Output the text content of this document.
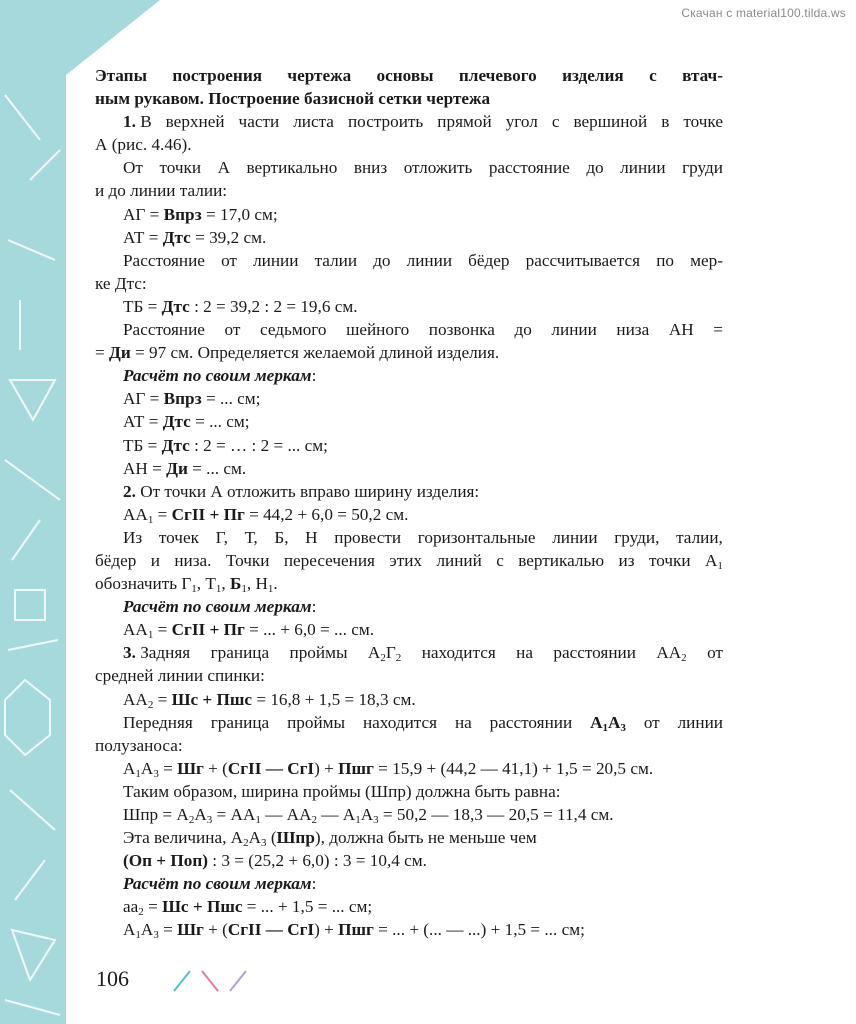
Скачан с material100.tilda.ws
Этапы построения чертежа основы плечевого изделия с втач-
ным рукавом. Построение базисной сетки чертежа
1. В верхней части листа построить прямой угол с вершиной в точке
А (рис. 4.46).
От точки А вертикально вниз отложить расстояние до линии груди
и до линии талии:
АГ = Впрз = 17,0 см;
АТ = Дтс = 39,2 см.
Расстояние от линии талии до линии бёдер рассчитывается по мер-
ке Дтс:
ТБ = Дтс : 2 = 39,2 : 2 = 19,6 см.
Расстояние от седьмого шейного позвонка до линии низа АН =
= Ди = 97 см. Определяется желаемой длиной изделия.
Расчёт по своим меркам:
АГ = Впрз = ... см;
АТ = Дтс = ... см;
ТБ = Дтс : 2 = … : 2 = ... см;
АН = Ди = ... см.
2. От точки А отложить вправо ширину изделия:
$АА_1$ = СгII + Пг = 44,2 + 6,0 = 50,2 см.
Из точек Г, Т, Б, Н провести горизонтальные линии груди, талии,
бёдер и низа. Точки пересечения этих линий с вертикалью из точки $А_1$
обозначить $Г_1$, $Т_1$, $Б_1$, $Н_1$.
Расчёт по своим меркам:
$АА_1$ = СгII + Пг = ... + 6,0 = ... см.
3. Задняя граница проймы $А_2Г_2$ находится на расстоянии $АА_2$ от
средней линии спинки:
$АА_2$ = Шс + Пшс = 16,8 + 1,5 = 18,3 см.
Передняя граница проймы находится на расстоянии $А_1А_3$ от линии
полузаноса:
$А_1А_3$ = Шг + (СгII — СгI) + Пшг = 15,9 + (44,2 — 41,1) + 1,5 = 20,5 см.
Таким образом, ширина проймы (Шпр) должна быть равна:
Шпр = $А_2А_3 = АА_1$ — $АА_2$ — $А_1А_3 = 50,2$ — 18,3 — 20,5 = 11,4 см.
Эта величина, $А_2А_3$ (Шпр), должна быть не меньше чем
(Оп + Поп) : 3 = (25,2 + 6,0) : 3 = 10,4 см.
Расчёт по своим меркам:
$аа_2$ = Шс + Пшс = ... + 1,5 = ... см;
$А_1А_3$ = Шг + (СгII — СгI) + Пшг = ... + (... — ...) + 1,5 = ... см;
106
